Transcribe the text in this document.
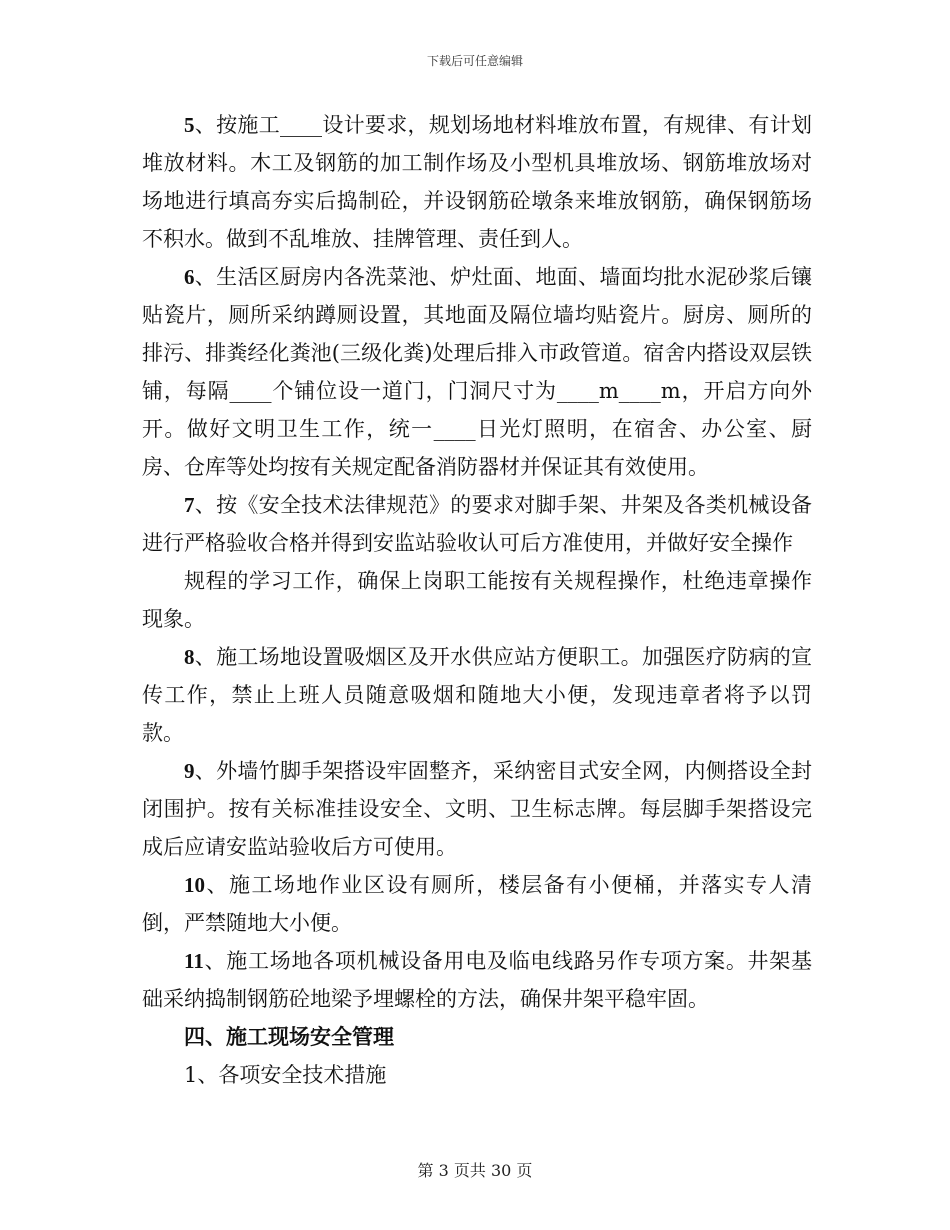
下载后可任意编辑

5、按施工____设计要求，规划场地材料堆放布置，有规律、有计划堆放材料。木工及钢筋的加工制作场及小型机具堆放场、钢筋堆放场对场地进行填高夯实后捣制砼，并设钢筋砼墩条来堆放钢筋，确保钢筋场不积水。做到不乱堆放、挂牌管理、责任到人。

6、生活区厨房内各洗菜池、炉灶面、地面、墙面均批水泥砂浆后镶贴瓷片，厕所采纳蹲厕设置，其地面及隔位墙均贴瓷片。厨房、厕所的排污、排粪经化粪池(三级化粪)处理后排入市政管道。宿舍内搭设双层铁铺，每隔____个铺位设一道门，门洞尺寸为____m____m，开启方向外开。做好文明卫生工作，统一____日光灯照明，在宿舍、办公室、厨房、仓库等处均按有关规定配备消防器材并保证其有效使用。

7、按《安全技术法律规范》的要求对脚手架、井架及各类机械设备进行严格验收合格并得到安监站验收认可后方准使用，并做好安全操作

规程的学习工作，确保上岗职工能按有关规程操作，杜绝违章操作现象。

8、施工场地设置吸烟区及开水供应站方便职工。加强医疗防病的宣传工作，禁止上班人员随意吸烟和随地大小便，发现违章者将予以罚款。

9、外墙竹脚手架搭设牢固整齐，采纳密目式安全网，内侧搭设全封闭围护。按有关标准挂设安全、文明、卫生标志牌。每层脚手架搭设完成后应请安监站验收后方可使用。

10、施工场地作业区设有厕所，楼层备有小便桶，并落实专人清倒，严禁随地大小便。

11、施工场地各项机械设备用电及临电线路另作专项方案。井架基础采纳捣制钢筋砼地梁予埋螺栓的方法，确保井架平稳牢固。

四、施工现场安全管理

1、各项安全技术措施

第 3 页共 30 页
